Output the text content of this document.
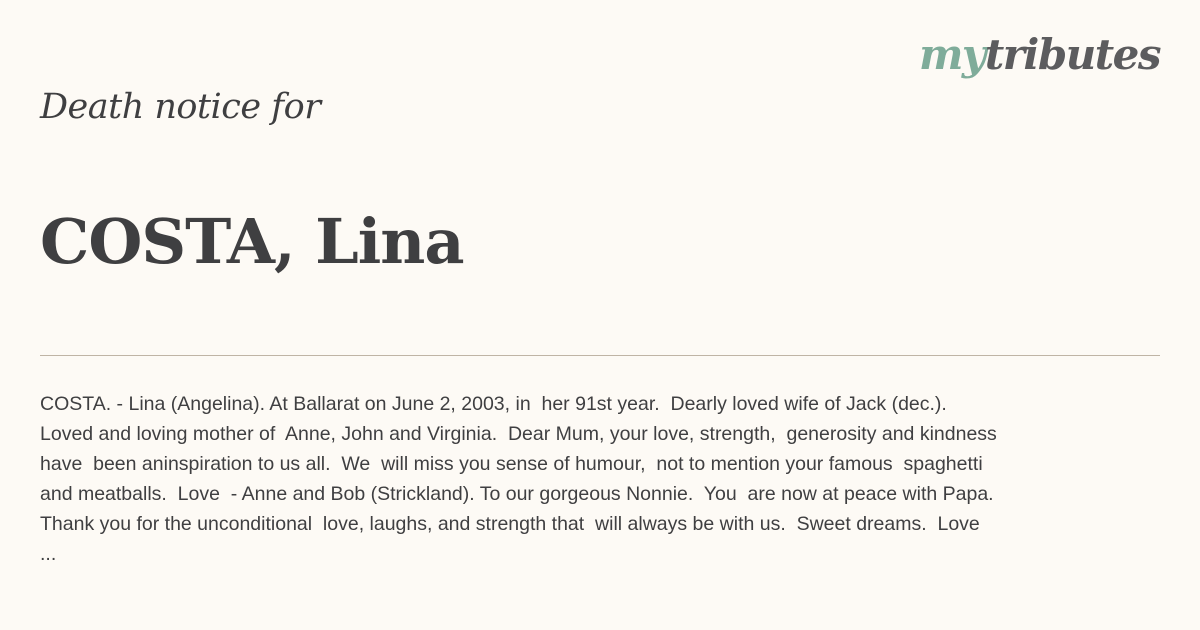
mytributes
Death notice for
COSTA, Lina
COSTA. - Lina (Angelina). At Ballarat on June 2, 2003, in  her 91st year.  Dearly loved wife of Jack (dec.).
Loved and loving mother of  Anne, John and Virginia.  Dear Mum, your love, strength,  generosity and kindness
have  been aninspiration to us all.  We  will miss you sense of humour,  not to mention your famous  spaghetti
and meatballs.  Love  - Anne and Bob (Strickland). To our gorgeous Nonnie.  You  are now at peace with Papa.
Thank you for the unconditional  love, laughs, and strength that  will always be with us.  Sweet dreams.  Love
...
